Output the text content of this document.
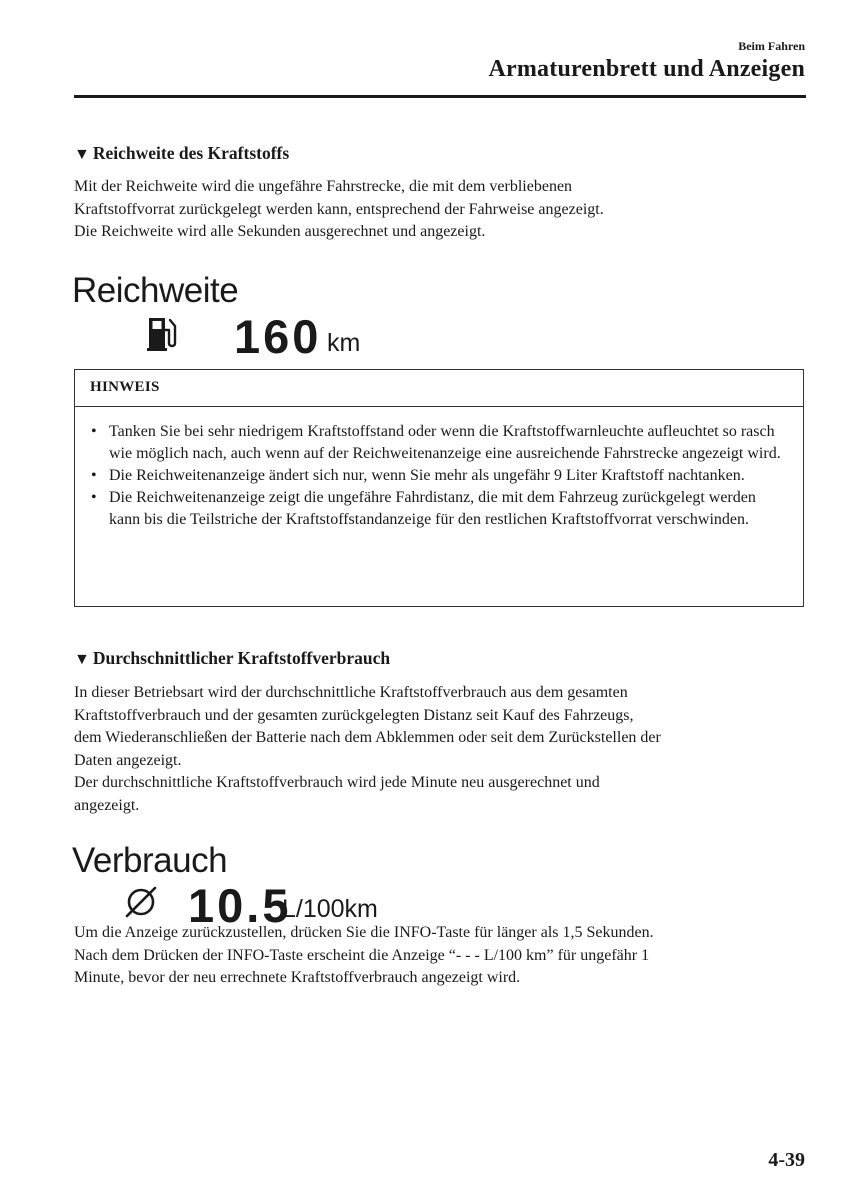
Beim Fahren
Armaturenbrett und Anzeigen
▼ Reichweite des Kraftstoffs

Mit der Reichweite wird die ungefähre Fahrstrecke, die mit dem verbliebenen

Kraftstoffvorrat zurückgelegt werden kann, entsprechend der Fahrweise angezeigt.

Die Reichweite wird alle Sekunden ausgerechnet und angezeigt.

Reichweite
160 km
HINWEIS
• Tanken Sie bei sehr niedrigem Kraftstoffstand oder wenn die Kraftstoffwarnleuchte aufleuchtet so rasch wie möglich nach, auch wenn auf der Reichweitenanzeige eine ausreichende Fahrstrecke angezeigt wird.
• Die Reichweitenanzeige ändert sich nur, wenn Sie mehr als ungefähr 9 Liter Kraftstoff nachtanken.
• Die Reichweitenanzeige zeigt die ungefähre Fahrdistanz, die mit dem Fahrzeug zurückgelegt werden kann bis die Teilstriche der Kraftstoffstandanzeige für den restlichen Kraftstoffvorrat verschwinden.
▼ Durchschnittlicher Kraftstoffverbrauch

In dieser Betriebsart wird der durchschnittliche Kraftstoffverbrauch aus dem gesamten

Kraftstoffverbrauch und der gesamten zurückgelegten Distanz seit Kauf des Fahrzeugs,

dem Wiederanschließen der Batterie nach dem Abklemmen oder seit dem Zurückstellen der

Daten angezeigt.

Der durchschnittliche Kraftstoffverbrauch wird jede Minute neu ausgerechnet und

angezeigt.

Verbrauch
10.5
L/100km

Um die Anzeige zurückzustellen, drücken Sie die INFO-Taste für länger als 1,5 Sekunden.

Nach dem Drücken der INFO-Taste erscheint die Anzeige “- - - L/100 km” für ungefähr 1

Minute, bevor der neu errechnete Kraftstoffverbrauch angezeigt wird.

4-39
